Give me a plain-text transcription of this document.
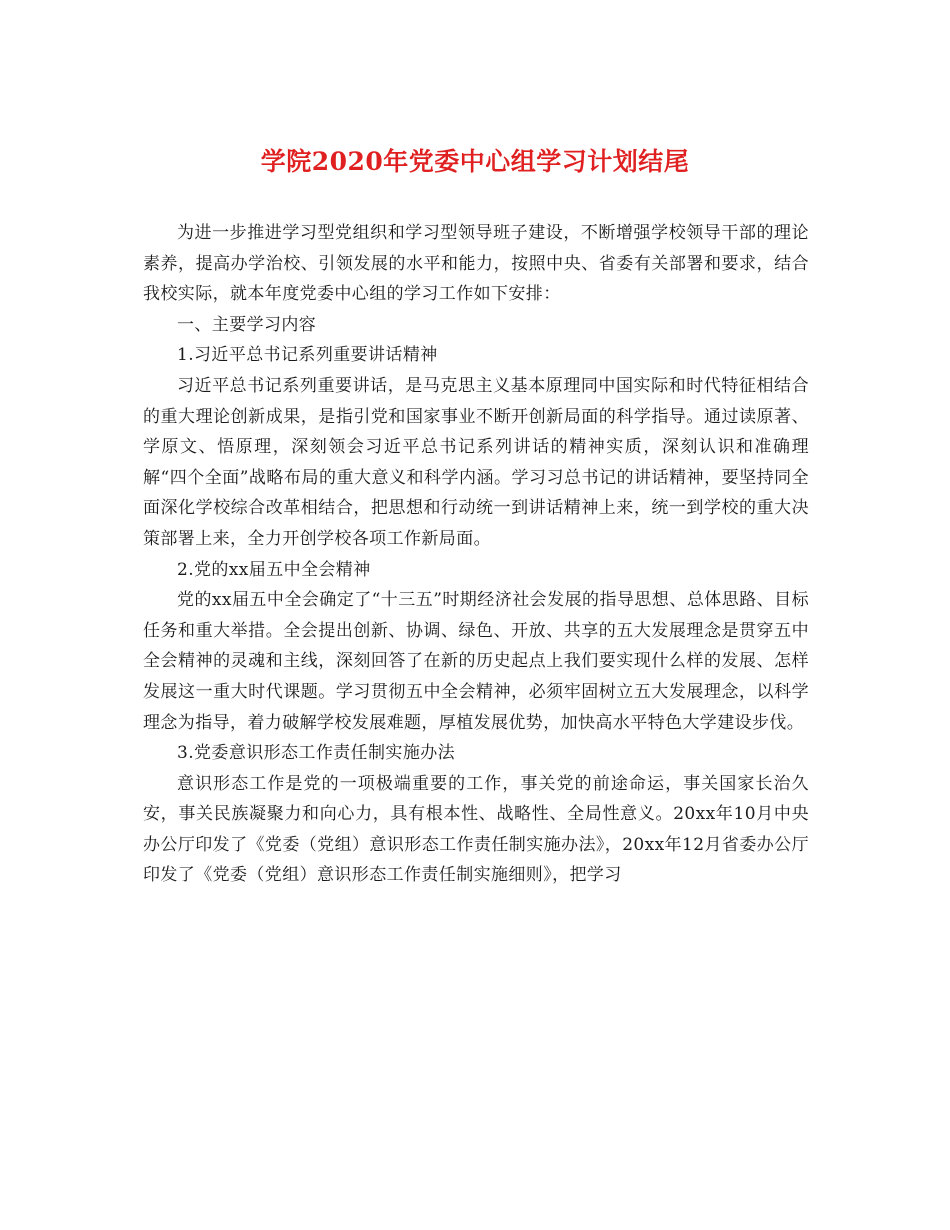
学院2020年党委中心组学习计划结尾

为进一步推进学习型党组织和学习型领导班子建设，不断增强学校领导干部的理论素养，提高办学治校、引领发展的水平和能力，按照中央、省委有关部署和要求，结合我校实际，就本年度党委中心组的学习工作如下安排：

一、主要学习内容

1.习近平总书记系列重要讲话精神

习近平总书记系列重要讲话，是马克思主义基本原理同中国实际和时代特征相结合的重大理论创新成果，是指引党和国家事业不断开创新局面的科学指导。通过读原著、学原文、悟原理，深刻领会习近平总书记系列讲话的精神实质，深刻认识和准确理解“四个全面”战略布局的重大意义和科学内涵。学习习总书记的讲话精神，要坚持同全面深化学校综合改革相结合，把思想和行动统一到讲话精神上来，统一到学校的重大决策部署上来，全力开创学校各项工作新局面。

2.党的xx届五中全会精神

党的xx届五中全会确定了“十三五”时期经济社会发展的指导思想、总体思路、目标任务和重大举措。全会提出创新、协调、绿色、开放、共享的五大发展理念是贯穿五中全会精神的灵魂和主线，深刻回答了在新的历史起点上我们要实现什么样的发展、怎样发展这一重大时代课题。学习贯彻五中全会精神，必须牢固树立五大发展理念，以科学理念为指导，着力破解学校发展难题，厚植发展优势，加快高水平特色大学建设步伐。

3.党委意识形态工作责任制实施办法

意识形态工作是党的一项极端重要的工作，事关党的前途命运，事关国家长治久安，事关民族凝聚力和向心力，具有根本性、战略性、全局性意义。20xx年10月中央办公厅印发了《党委（党组）意识形态工作责任制实施办法》，20xx年12月省委办公厅印发了《党委（党组）意识形态工作责任制实施细则》，把学习
